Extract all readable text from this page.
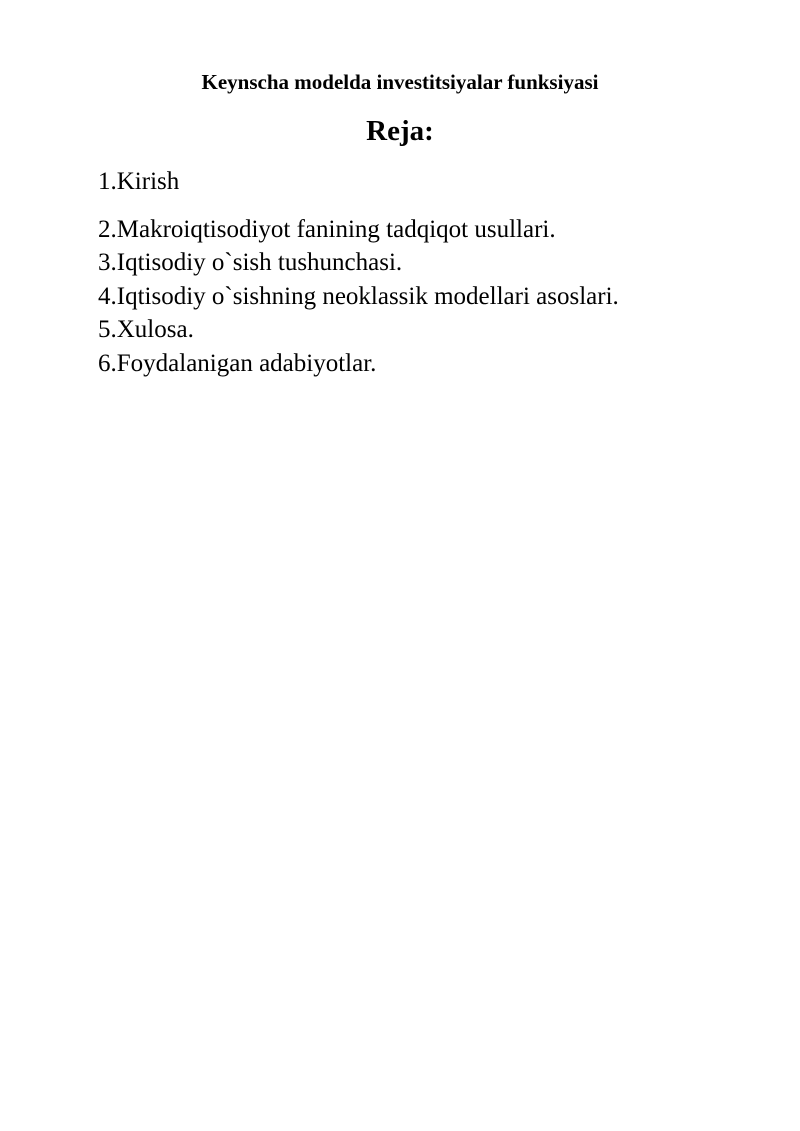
Keynscha modelda investitsiyalar funksiyasi
Reja:
1.Kirish
2.Makroiqtisodiyot fanining tadqiqot usullari.
3.Iqtisodiy o`sish tushunchasi.
4.Iqtisodiy o`sishning neoklassik modellari asoslari.
5.Xulosa.
6.Foydalanigan adabiyotlar.
